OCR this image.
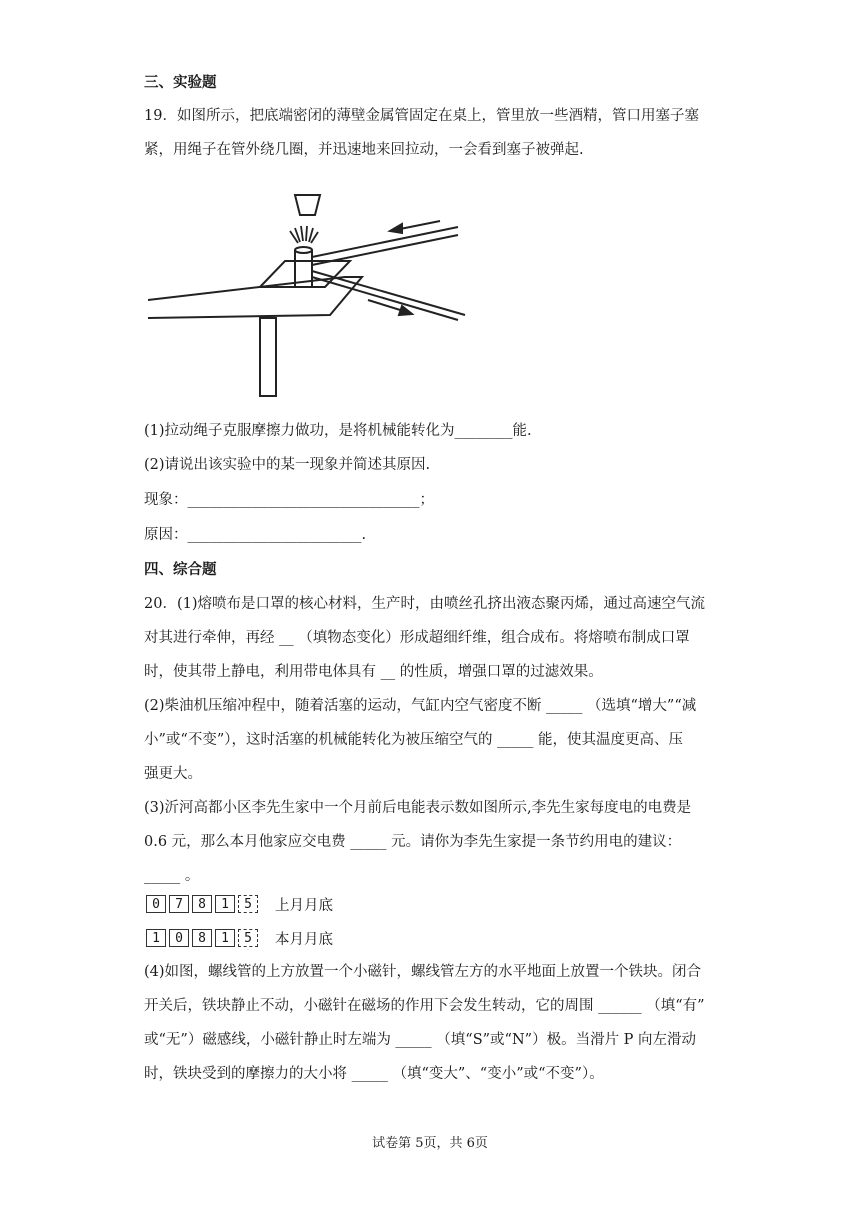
三、实验题
19．如图所示，把底端密闭的薄壁金属管固定在桌上，管里放一些酒精，管口用塞子塞
紧，用绳子在管外绕几圈，并迅速地来回拉动，一会看到塞子被弹起.
(1)拉动绳子克服摩擦力做功，是将机械能转化为________能.
(2)请说出该实验中的某一现象并简述其原因.
现象：________________________________；
原因：________________________.
四、综合题
20．(1)熔喷布是口罩的核心材料，生产时，由喷丝孔挤出液态聚丙烯，通过高速空气流
对其进行牵伸，再经 __ （填物态变化）形成超细纤维，组合成布。将熔喷布制成口罩
时，使其带上静电，利用带电体具有 __ 的性质，增强口罩的过滤效果。
(2)柴油机压缩冲程中，随着活塞的运动，气缸内空气密度不断 _____ （选填“增大”“减
小”或“不变”），这时活塞的机械能转化为被压缩空气的 _____ 能，使其温度更高、压
强更大。
(3)沂河高都小区李先生家中一个月前后电能表示数如图所示,李先生家每度电的电费是
0.6 元，那么本月他家应交电费 _____ 元。请你为李先生家提一条节约用电的建议：
_____ 。
0	7	8	1	5	上月月底
1	0	8	1	5	本月月底
(4)如图，螺线管的上方放置一个小磁针，螺线管左方的水平地面上放置一个铁块。闭合
开关后，铁块静止不动，小磁针在磁场的作用下会发生转动，它的周围 ______ （填“有”
或“无”）磁感线，小磁针静止时左端为 _____ （填“S”或“N”）极。当滑片 P 向左滑动
时，铁块受到的摩擦力的大小将 _____ （填“变大”、“变小”或“不变”）。
试卷第 5页，共 6页
